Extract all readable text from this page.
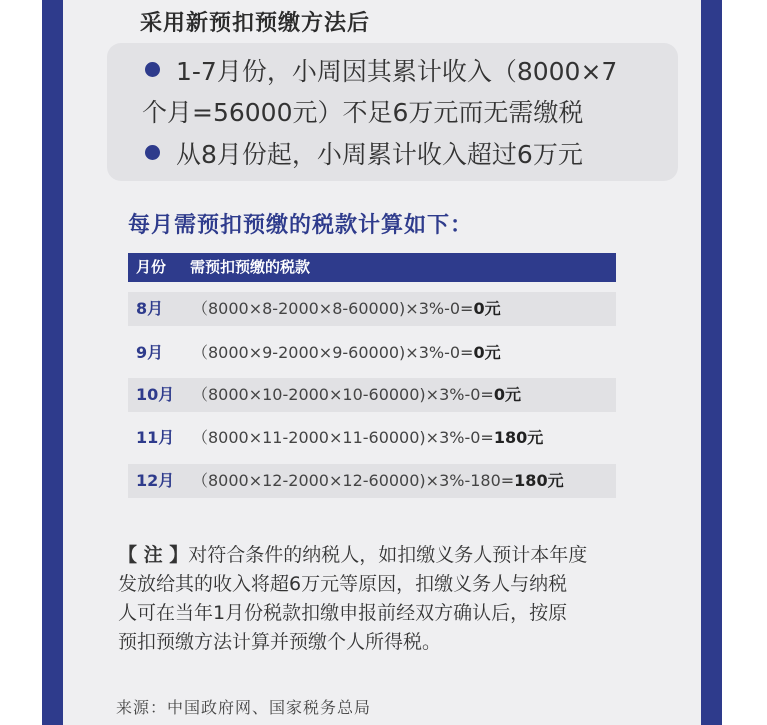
采用新预扣预缴方法后
1-7月份，小周因其累计收入（8000×7
个月=56000元）不足6万元而无需缴税
从8月份起，小周累计收入超过6万元
每月需预扣预缴的税款计算如下：
月份 需预扣预缴的税款
8月 （8000×8-2000×8-60000)×3%-0=0元
9月 （8000×9-2000×9-60000)×3%-0=0元
10月 （8000×10-2000×10-60000)×3%-0=0元
11月 （8000×11-2000×11-60000)×3%-0=180元
12月 （8000×12-2000×12-60000)×3%-180=180元
【 注 】对符合条件的纳税人，如扣缴义务人预计本年度
发放给其的收入将超6万元等原因，扣缴义务人与纳税
人可在当年1月份税款扣缴申报前经双方确认后，按原
预扣预缴方法计算并预缴个人所得税。
来源：中国政府网、国家税务总局
